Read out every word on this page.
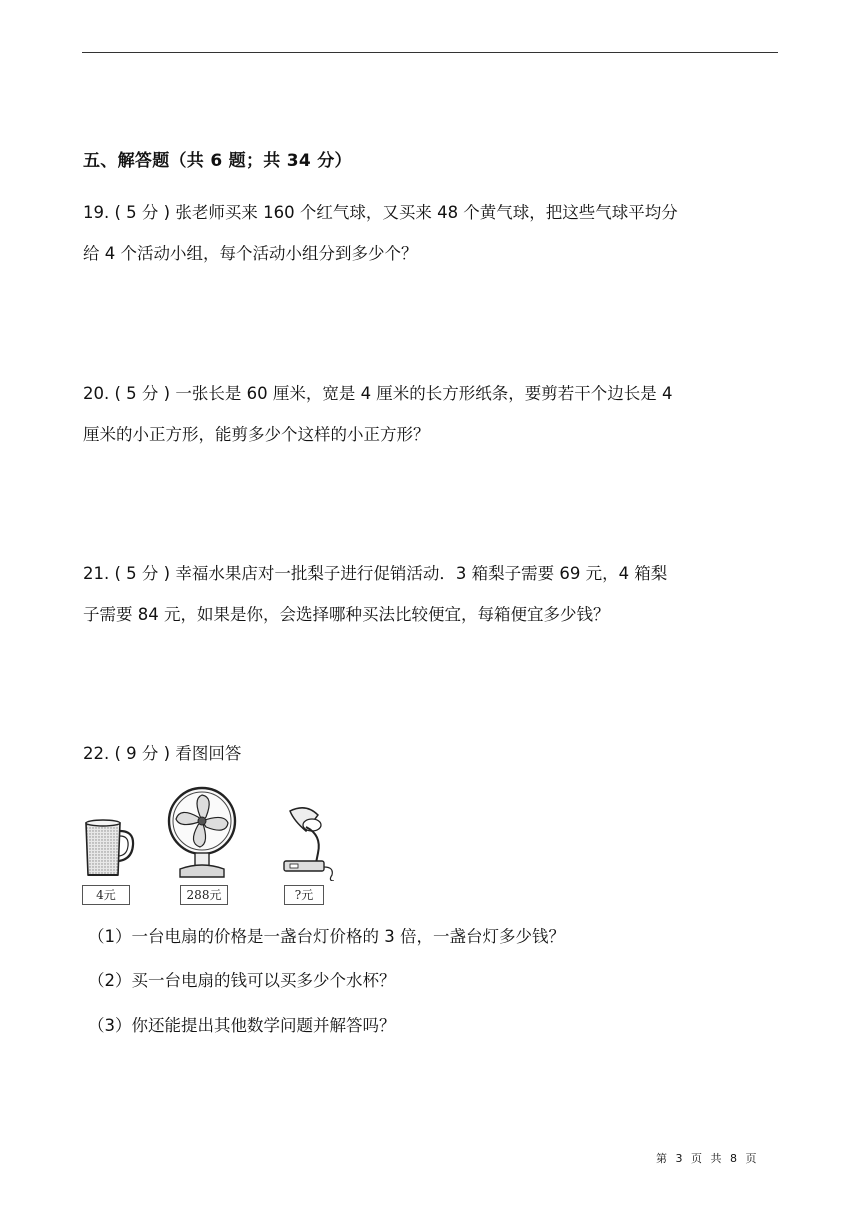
五、解答题（共 6 题；共 34 分）
19. ( 5 分 ) 张老师买来 160 个红气球，又买来 48 个黄气球，把这些气球平均分
给 4 个活动小组，每个活动小组分到多少个？
20. ( 5 分 ) 一张长是 60 厘米，宽是 4 厘米的长方形纸条，要剪若干个边长是 4
厘米的小正方形，能剪多少个这样的小正方形？
21. ( 5 分 ) 幸福水果店对一批梨子进行促销活动．3 箱梨子需要 69 元，4 箱梨
子需要 84 元，如果是你，会选择哪种买法比较便宜，每箱便宜多少钱？
22. ( 9 分 ) 看图回答
4元	288元	?元
（1）一台电扇的价格是一盏台灯价格的 3 倍，一盏台灯多少钱？
（2）买一台电扇的钱可以买多少个水杯？
（3）你还能提出其他数学问题并解答吗？
第 3 页 共 8 页
